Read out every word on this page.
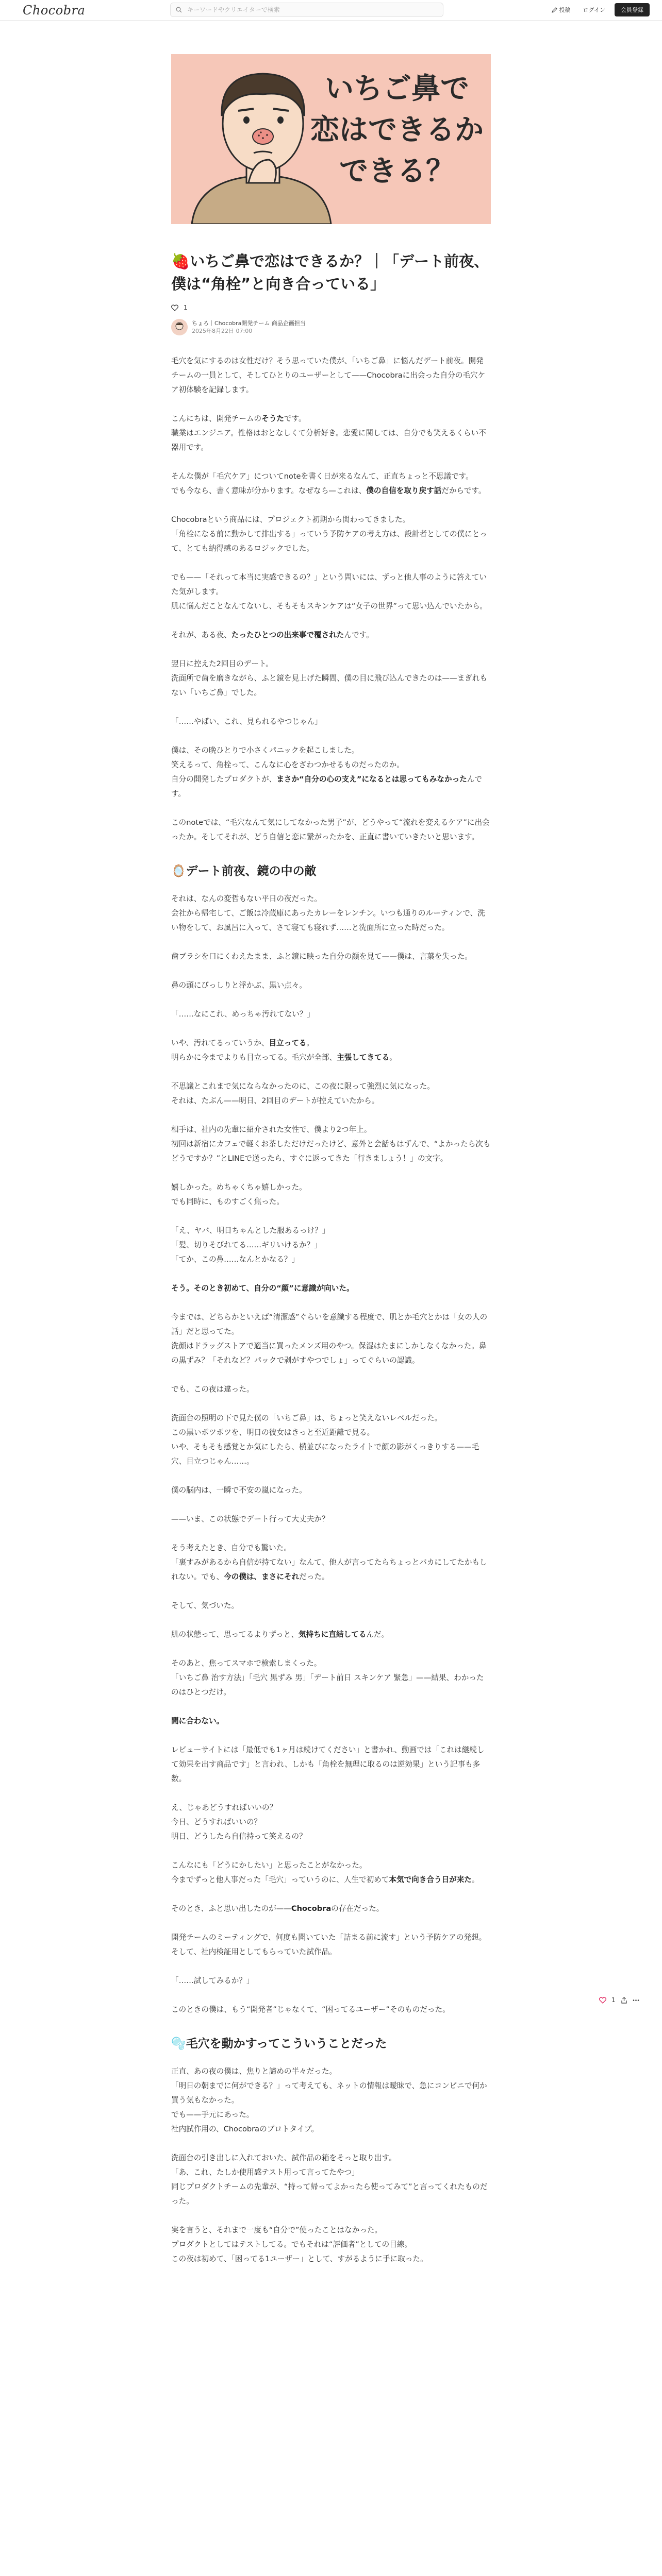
Chocobra
キーワードやクリエイターで検索	投稿	ログイン	会員登録
いちご鼻で
恋はできるか
できる？
🍓いちご鼻で恋はできるか？｜「デート前夜、僕は“角栓”と向き合っている」
1
ちょろ｜Chocobra開発チーム 商品企画担当
2025年8月22日 07:00

毛穴を気にするのは女性だけ？そう思っていた僕が、「いちご鼻」に悩んだデート前夜。開発チームの一員として、そしてひとりのユーザーとして——Chocobraに出会った自分の毛穴ケア初体験を記録します。

こんにちは、開発チームのそうたです。
職業はエンジニア。性格はおとなしくて分析好き。恋愛に関しては、自分でも笑えるくらい不器用です。

そんな僕が「毛穴ケア」についてnoteを書く日が来るなんて、正直ちょっと不思議です。
でも今なら、書く意味が分かります。なぜなら—これは、僕の自信を取り戻す話だからです。

Chocobraという商品には、プロジェクト初期から関わってきました。
「角栓になる前に動かして排出する」っていう予防ケアの考え方は、設計者としての僕にとって、とても納得感のあるロジックでした。

でも——「それって本当に実感できるの？」という問いには、ずっと他人事のように答えていた気がします。
肌に悩んだことなんてないし、そもそもスキンケアは“女子の世界”って思い込んでいたから。

それが、ある夜、たったひとつの出来事で覆されたんです。

翌日に控えた2回目のデート。
洗面所で歯を磨きながら、ふと鏡を見上げた瞬間、僕の目に飛び込んできたのは——まぎれもない「いちご鼻」でした。

「……やばい、これ、見られるやつじゃん」

僕は、その晩ひとりで小さくパニックを起こしました。
笑えるって、角栓って、こんなに心をざわつかせるものだったのか。
自分の開発したプロダクトが、まさか“自分の心の支え”になるとは思ってもみなかったんです。

このnoteでは、“毛穴なんて気にしてなかった男子”が、どうやって“流れを変えるケア”に出会ったか。そしてそれが、どう自信と恋に繋がったかを、正直に書いていきたいと思います。

🪞デート前夜、鏡の中の敵

それは、なんの変哲もない平日の夜だった。
会社から帰宅して、ご飯は冷蔵庫にあったカレーをレンチン。いつも通りのルーティンで、洗い物をして、お風呂に入って、さて寝ても寝れず……と洗面所に立った時だった。

歯ブラシを口にくわえたまま、ふと鏡に映った自分の顔を見て——僕は、言葉を失った。

鼻の頭にびっしりと浮かぶ、黒い点々。

「……なにこれ、めっちゃ汚れてない？」

いや、汚れてるっていうか、目立ってる。
明らかに今までよりも目立ってる。毛穴が全部、主張してきてる。

不思議とこれまで気にならなかったのに、この夜に限って強烈に気になった。
それは、たぶん——明日、2回目のデートが控えていたから。

相手は、社内の先輩に紹介された女性で、僕より2つ年上。
初回は新宿にカフェで軽くお茶しただけだったけど、意外と会話もはずんで、“よかったら次もどうですか？”とLINEで送ったら、すぐに返ってきた「行きましょう！」の文字。

嬉しかった。めちゃくちゃ嬉しかった。
でも同時に、ものすごく焦った。

「え、ヤバ、明日ちゃんとした服あるっけ？」
「髪、切りそびれてる……ギリいけるか？」
「てか、この鼻……なんとかなる？」

そう。そのとき初めて、自分の“顔”に意識が向いた。

今までは、どちらかといえば“清潔感”ぐらいを意識する程度で、肌とか毛穴とかは「女の人の話」だと思ってた。
洗顔はドラッグストアで適当に買ったメンズ用のやつ。保湿はたまにしかしなくなかった。鼻の黒ずみ？「それなど？パックで剥がすやつでしょ」ってぐらいの認識。

でも、この夜は違った。

洗面台の照明の下で見た僕の「いちご鼻」は、ちょっと笑えないレベルだった。
この黒いポツポツを、明日の彼女はきっと至近距離で見る。
いや、そもそも感覚とか気にしたら、横並びになったライトで顔の影がくっきりする——毛穴、目立つじゃん……。

僕の脳内は、一瞬で不安の嵐になった。

——いま、この状態でデート行って大丈夫か？

そう考えたとき、自分でも驚いた。
「裏すみがあるから自信が持てない」なんて、他人が言ってたらちょっとバカにしてたかもしれない。でも、今の僕は、まさにそれだった。

そして、気づいた。

肌の状態って、思ってるよりずっと、気持ちに直結してるんだ。

そのあと、焦ってスマホで検索しまくった。
「いちご鼻 治す方法」「毛穴 黒ずみ 男」「デート前日 スキンケア 緊急」——結果、わかったのはひとつだけ。

間に合わない。

レビューサイトには「最低でも1ヶ月は続けてください」と書かれ、動画では「これは継続して効果を出す商品です」と言われ、しかも「角栓を無理に取るのは逆効果」という記事も多数。

え、じゃあどうすればいいの？
今日、どうすればいいの？
明日、どうしたら自信持って笑えるの？

こんなにも「どうにかしたい」と思ったことがなかった。
今までずっと他人事だった「毛穴」っていうのに、人生で初めて本気で向き合う日が来た。

そのとき、ふと思い出したのが——Chocobraの存在だった。

開発チームのミーティングで、何度も聞いていた「詰まる前に流す」という予防ケアの発想。
そして、社内検証用としてもらっていた試作品。

「……試してみるか？」

このときの僕は、もう“開発者”じゃなくて、“困ってるユーザー”そのものだった。

🫧毛穴を動かすってこういうことだった

正直、あの夜の僕は、焦りと諦めの半々だった。
「明日の朝までに何ができる？」って考えても、ネットの情報は曖昧で、急にコンビニで何か買う気もなかった。
でも——手元にあった。
社内試作用の、Chocobraのプロトタイプ。

洗面台の引き出しに入れておいた、試作品の箱をそっと取り出す。
「あ、これ、たしか使用感テスト用って言ってたやつ」
同じプロダクトチームの先輩が、“持って帰ってよかったら使ってみて”と言ってくれたものだった。

実を言うと、それまで一度も“自分で”使ったことはなかった。
プロダクトとしてはテストしてる。でもそれは“評価者”としての目線。
この夜は初めて、「困ってる1ユーザー」として、すがるように手に取った。

1
